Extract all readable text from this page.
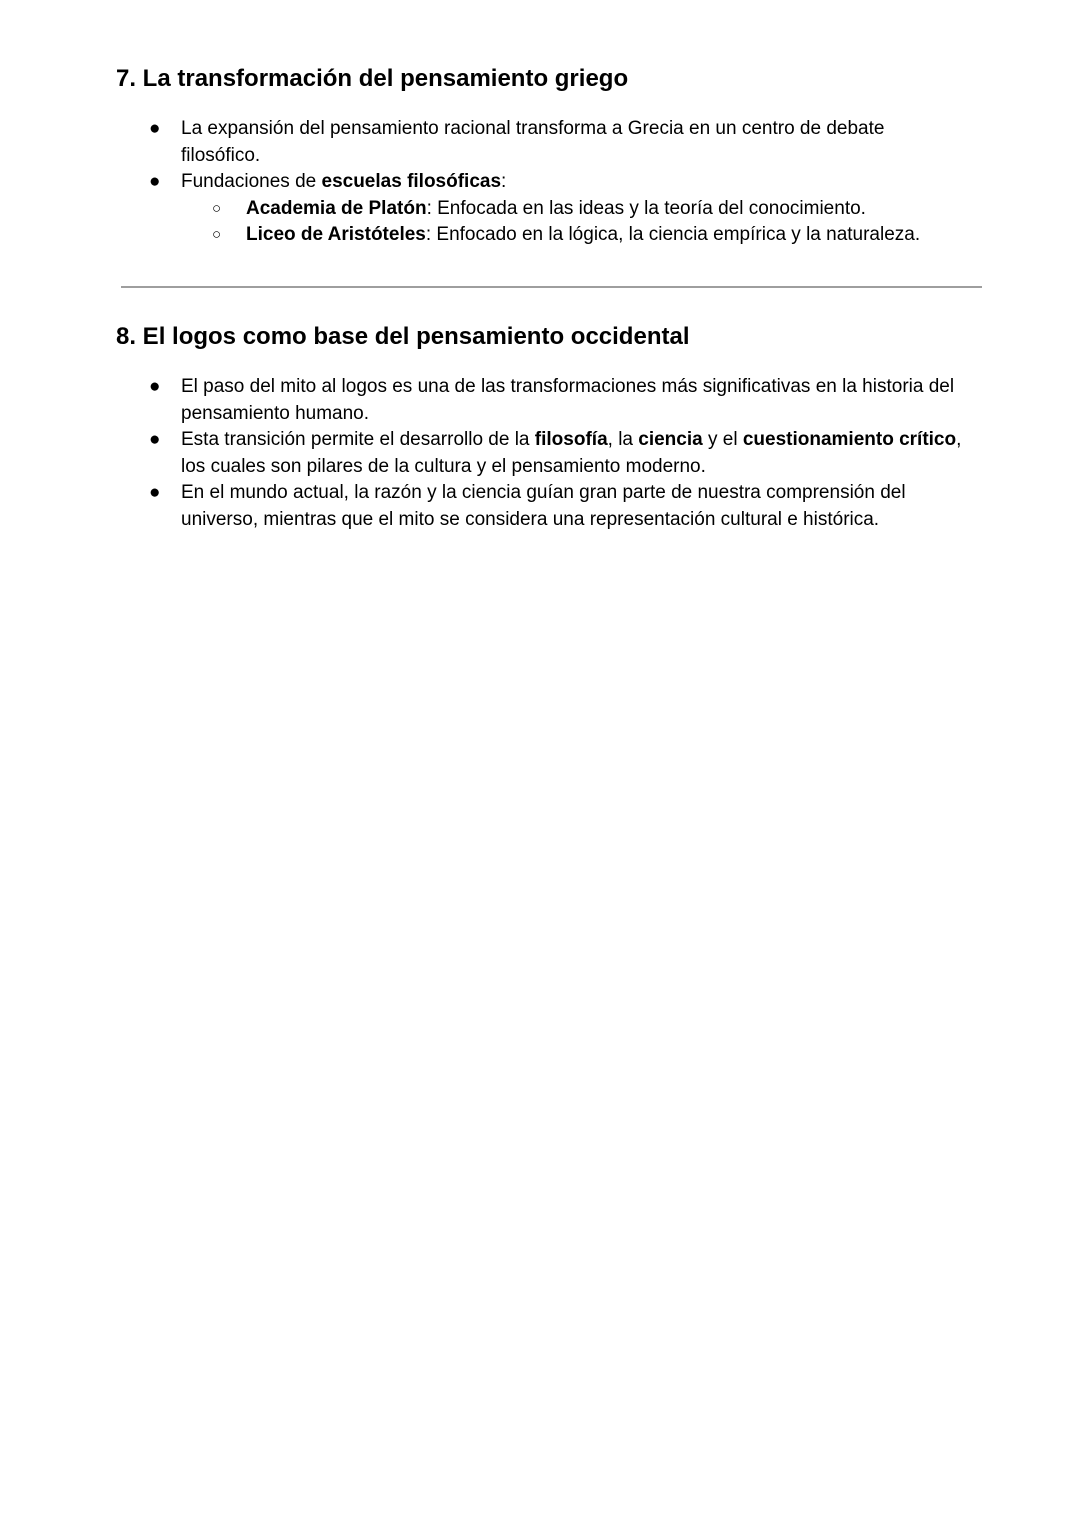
7. La transformación del pensamiento griego
● La expansión del pensamiento racional transforma a Grecia en un centro de debate filosófico.
● Fundaciones de escuelas filosóficas:
○ Academia de Platón: Enfocada en las ideas y la teoría del conocimiento.
○ Liceo de Aristóteles: Enfocado en la lógica, la ciencia empírica y la naturaleza.
8. El logos como base del pensamiento occidental
● El paso del mito al logos es una de las transformaciones más significativas en la historia del pensamiento humano.
● Esta transición permite el desarrollo de la filosofía, la ciencia y el cuestionamiento crítico, los cuales son pilares de la cultura y el pensamiento moderno.
● En el mundo actual, la razón y la ciencia guían gran parte de nuestra comprensión del universo, mientras que el mito se considera una representación cultural e histórica.
